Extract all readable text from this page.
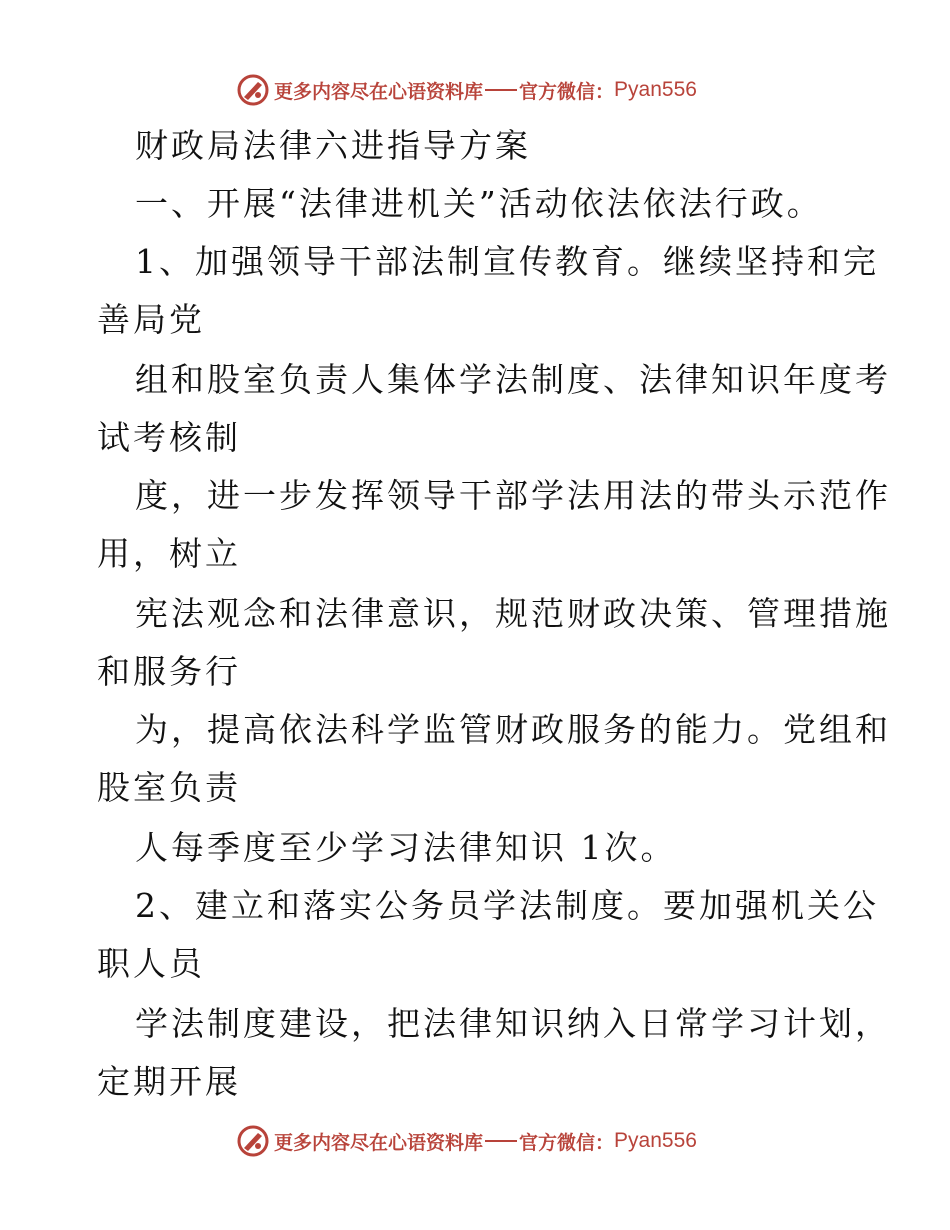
更多内容尽在心语资料库 官方微信： Pyan556
财政局法律六进指导方案
一、开展“法律进机关”活动依法依法行政。
1、加强领导干部法制宣传教育。继续坚持和完
善局党
组和股室负责人集体学法制度、法律知识年度考
试考核制
度，进一步发挥领导干部学法用法的带头示范作
用，树立
宪法观念和法律意识，规范财政决策、管理措施
和服务行
为，提高依法科学监管财政服务的能力。党组和
股室负责
人每季度至少学习法律知识 1次。
2、建立和落实公务员学法制度。要加强机关公
职人员
学法制度建设，把法律知识纳入日常学习计划，
定期开展
更多内容尽在心语资料库 官方微信： Pyan556
